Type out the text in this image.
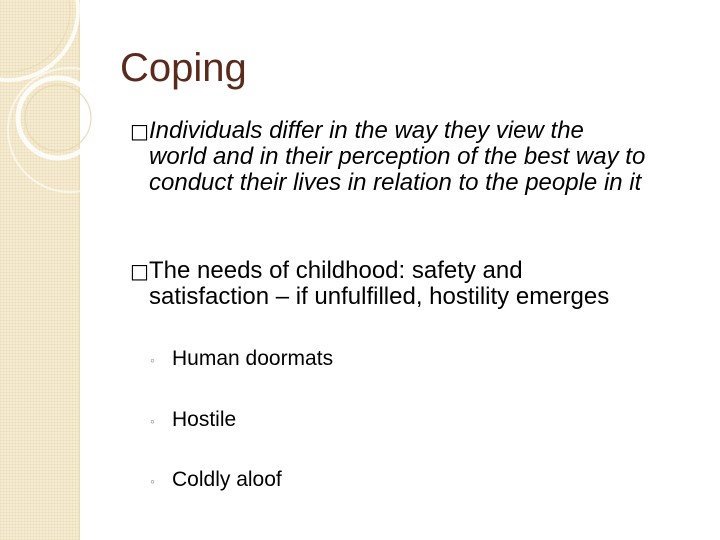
Coping
□Individuals differ in the way they view the
world and in their perception of the best way to conduct their lives in relation to the people in it
□The needs of childhood: safety and
satisfaction – if unfulfilled, hostility emerges
◦ Human doormats
◦ Hostile
◦ Coldly aloof
